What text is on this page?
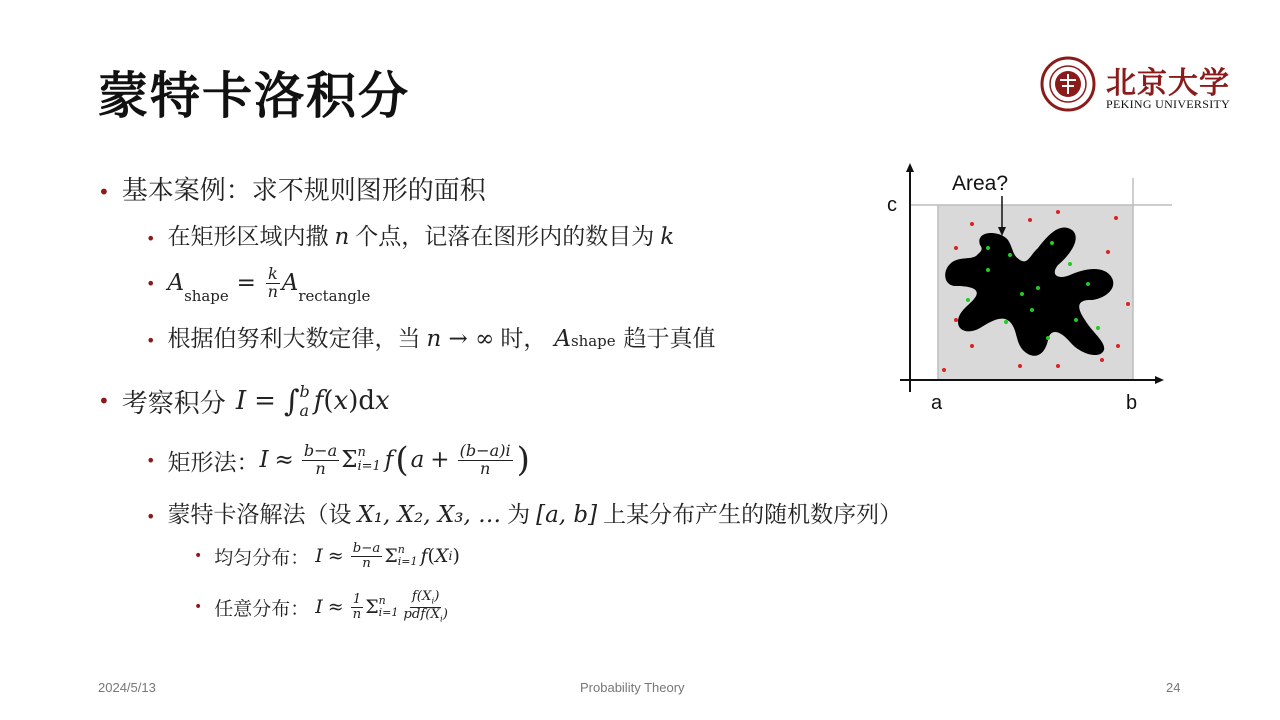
蒙特卡洛积分	北京大学
PEKING UNIVERSITY
• 基本案例：求不规则图形的面积
• 在矩形区域内撒 n 个点，记落在图形内的数目为 k
• $A_{shape} = \frac{k}{n} A_{rectangle}$
• 根据伯努利大数定律，当 n → ∞ 时， A shape 趋于真值
• 考察积分 I = ∫ b
a f ( x )d x
• 矩形法： $I \approx \frac{b-a}{n}$ Σ n
i=1 f ( $a + \frac{(b-a)i}{n}$ )
• 蒙特卡洛解法（设 X₁, X₂, X₃, … 为 [a, b] 上某分布产生的随机数序列）
• 均匀分布： $I \approx \frac{b-a}{n}$ Σ n
i=1 f ( X i )
• 任意分布： $I \approx \frac{1}{n}$ Σ n
$i=1 \frac{f(X_i)}{pdf(X_i)}$
Area?
c
a	b
2024/5/13	Probability Theory	24
